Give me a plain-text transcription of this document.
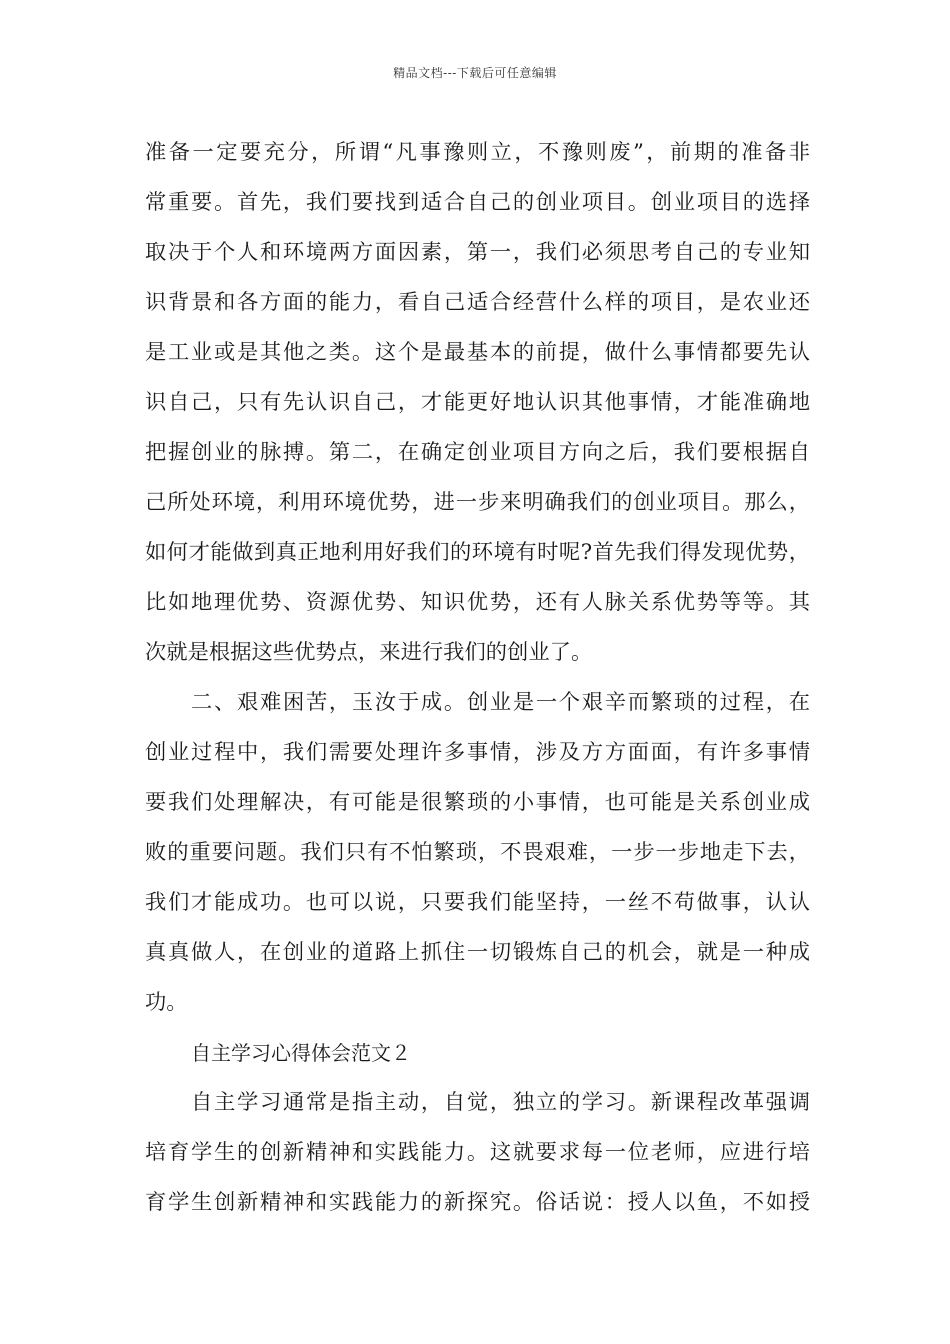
精品文档---下载后可任意编辑
准备一定要充分，所谓“凡事豫则立，不豫则废”，前期的准备非
常重要。首先，我们要找到适合自己的创业项目。创业项目的选择
取决于个人和环境两方面因素，第一，我们必须思考自己的专业知
识背景和各方面的能力，看自己适合经营什么样的项目，是农业还
是工业或是其他之类。这个是最基本的前提，做什么事情都要先认
识自己，只有先认识自己，才能更好地认识其他事情，才能准确地
把握创业的脉搏。第二，在确定创业项目方向之后，我们要根据自
己所处环境，利用环境优势，进一步来明确我们的创业项目。那么，
如何才能做到真正地利用好我们的环境有时呢?首先我们得发现优势，
比如地理优势、资源优势、知识优势，还有人脉关系优势等等。其
次就是根据这些优势点，来进行我们的创业了。
二、艰难困苦，玉汝于成。创业是一个艰辛而繁琐的过程，在
创业过程中，我们需要处理许多事情，涉及方方面面，有许多事情
要我们处理解决，有可能是很繁琐的小事情，也可能是关系创业成
败的重要问题。我们只有不怕繁琐，不畏艰难，一步一步地走下去，
我们才能成功。也可以说，只要我们能坚持，一丝不苟做事，认认
真真做人，在创业的道路上抓住一切锻炼自己的机会，就是一种成
功。
自主学习心得体会范文２
自主学习通常是指主动，自觉，独立的学习。新课程改革强调
培育学生的创新精神和实践能力。这就要求每一位老师，应进行培
育学生创新精神和实践能力的新探究。俗话说：授人以鱼，不如授
